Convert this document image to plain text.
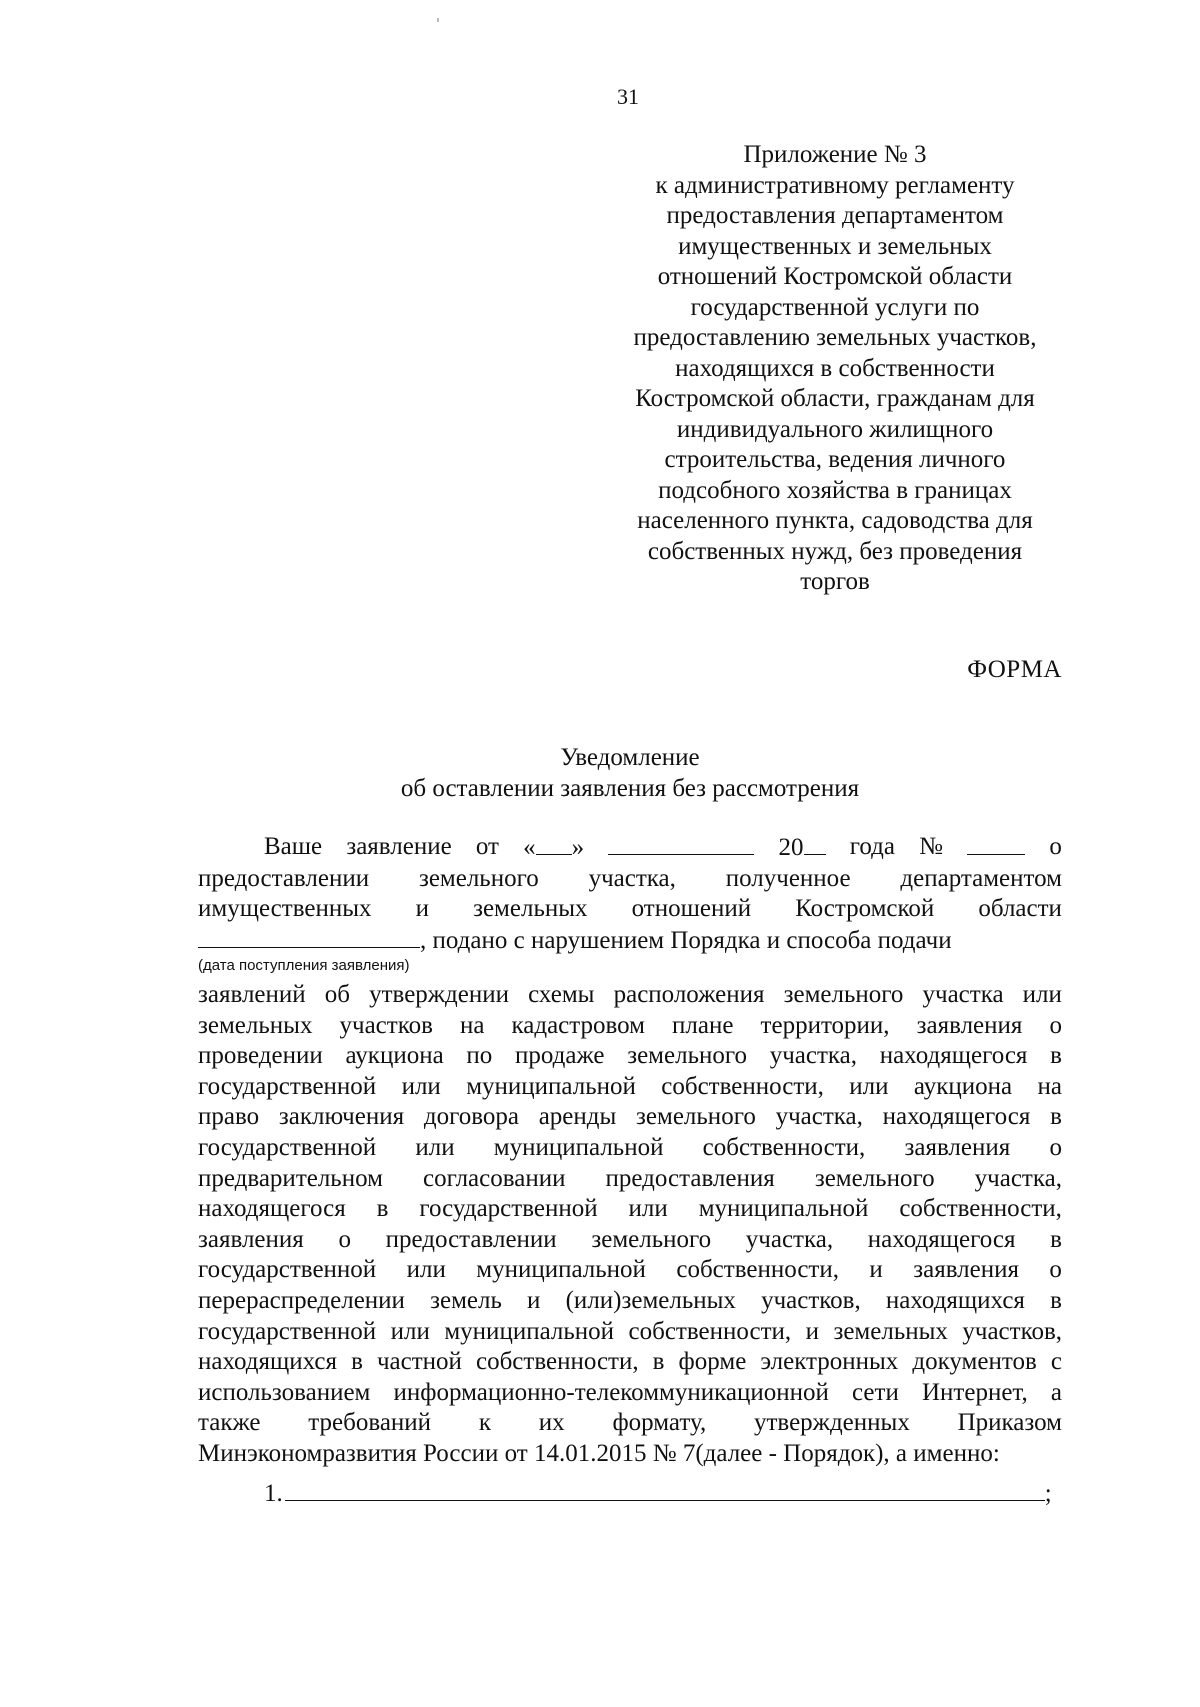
31
Приложение № 3
к административному регламенту
предоставления департаментом
имущественных и земельных
отношений Костромской области
государственной услуги по
предоставлению земельных участков,
находящихся в собственности
Костромской области, гражданам для
индивидуального жилищного
строительства, ведения личного
подсобного хозяйства в границах
населенного пункта, садоводства для
собственных нужд, без проведения
торгов
ФОРМА
Уведомление
об оставлении заявления без рассмотрения
Ваше заявление от « »	20	года №	о
предоставлении земельного участка, полученное департаментом
имущественных и земельных отношений Костромской области
, подано с нарушением Порядка и способа подачи
(дата поступления заявления)
заявлений об утверждении схемы расположения земельного участка или
земельных участков на кадастровом плане территории, заявления о
проведении аукциона по продаже земельного участка, находящегося в
государственной или муниципальной собственности, или аукциона на
право заключения договора аренды земельного участка, находящегося в
государственной или муниципальной собственности, заявления о
предварительном согласовании предоставления земельного участка,
находящегося в государственной или муниципальной собственности,
заявления о предоставлении земельного участка, находящегося в
государственной или муниципальной собственности, и заявления о
перераспределении земель и (или)земельных участков, находящихся в
государственной или муниципальной собственности, и земельных участков,
находящихся в частной собственности, в форме электронных документов с
использованием информационно-телекоммуникационной сети Интернет, а
также требований к их формату, утвержденных Приказом
Минэкономразвития России от 14.01.2015 № 7(далее - Порядок), а именно:
1.	;
